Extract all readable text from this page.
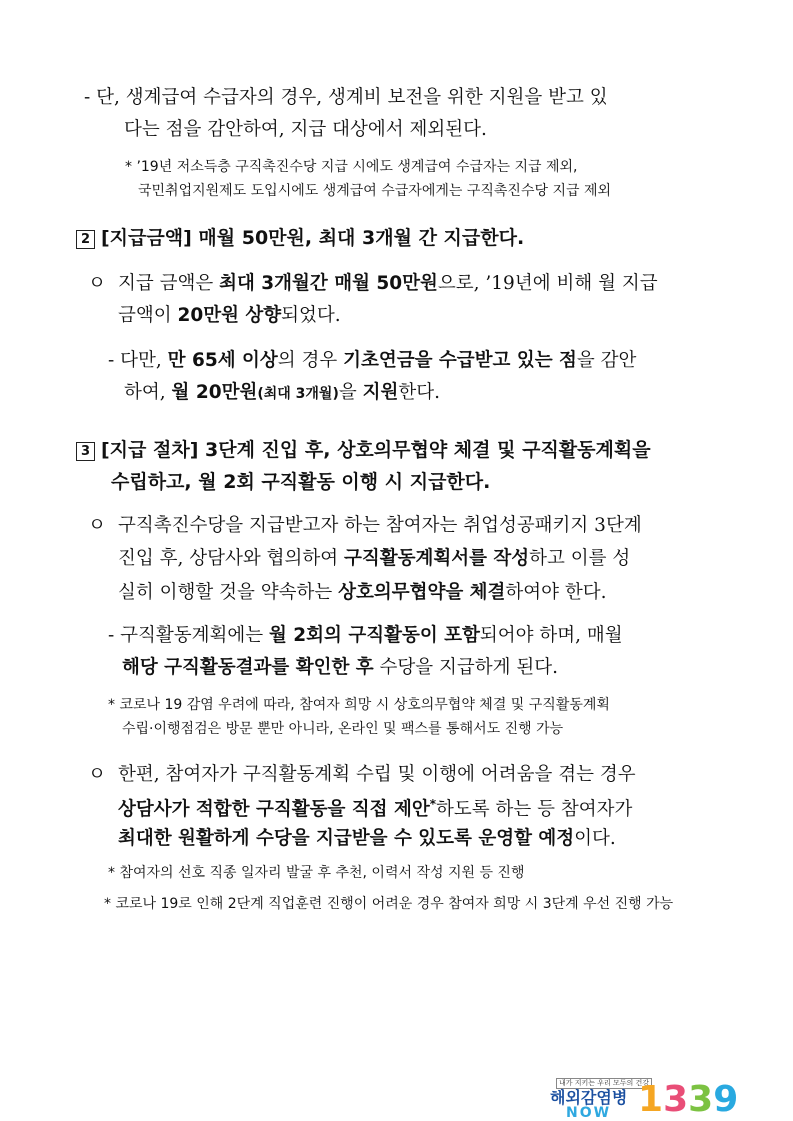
- 단, 생계급여 수급자의 경우, 생계비 보전을 위한 지원을 받고 있
다는 점을 감안하여, 지급 대상에서 제외된다.
* ’19년 저소득층 구직촉진수당 지급 시에도 생계급여 수급자는 지급 제외,
국민취업지원제도 도입시에도 생계급여 수급자에게는 구직촉진수당 지급 제외
2 [지급금액] 매월 50만원, 최대 3개월 간 지급한다.
ㅇ 지급 금액은 최대 3개월간 매월 50만원으로, ’19년에 비해 월 지급
금액이 20만원 상향되었다.
- 다만, 만 65세 이상의 경우 기초연금을 수급받고 있는 점을 감안
하여, 월 20만원(최대 3개월)을 지원한다.
3 [지급 절차] 3단계 진입 후, 상호의무협약 체결 및 구직활동계획을
수립하고, 월 2회 구직활동 이행 시 지급한다.
ㅇ 구직촉진수당을 지급받고자 하는 참여자는 취업성공패키지 3단계
진입 후, 상담사와 협의하여 구직활동계획서를 작성하고 이를 성
실히 이행할 것을 약속하는 상호의무협약을 체결하여야 한다.
- 구직활동계획에는 월 2회의 구직활동이 포함되어야 하며, 매월
해당 구직활동결과를 확인한 후 수당을 지급하게 된다.
* 코로나 19 감염 우려에 따라, 참여자 희망 시 상호의무협약 체결 및 구직활동계획
수립·이행점검은 방문 뿐만 아니라, 온라인 및 팩스를 통해서도 진행 가능
ㅇ 한편, 참여자가 구직활동계획 수립 및 이행에 어려움을 겪는 경우
상담사가 적합한 구직활동을 직접 제안*하도록 하는 등 참여자가
최대한 원활하게 수당을 지급받을 수 있도록 운영할 예정이다.
* 참여자의 선호 직종 일자리 발굴 후 추천, 이력서 작성 지원 등 진행
* 코로나 19로 인해 2단계 직업훈련 진행이 어려운 경우 참여자 희망 시 3단계 우선 진행 가능
내가 지키는 우리 모두의 건강
해외감염병
NOW 1339
